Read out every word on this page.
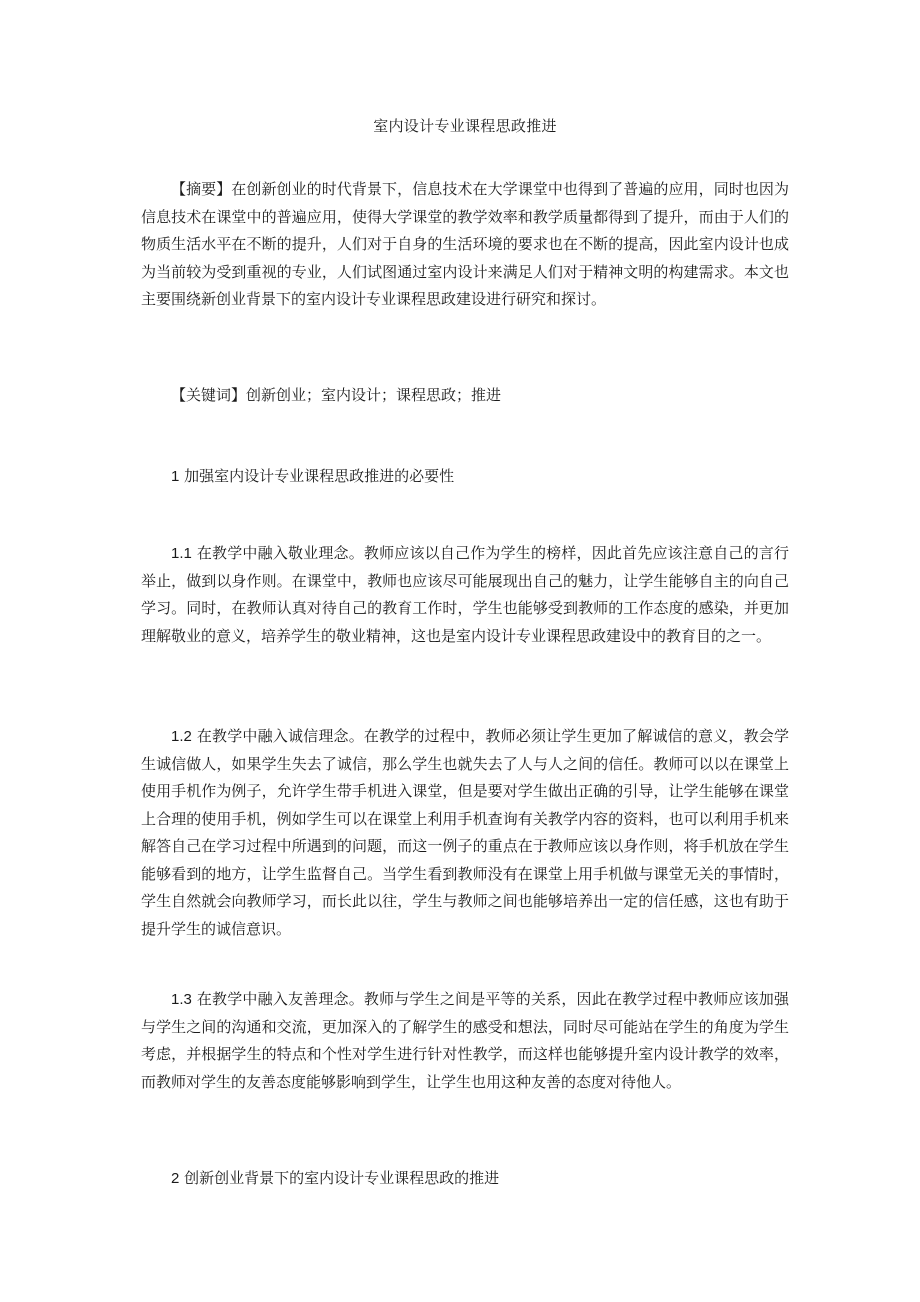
室内设计专业课程思政推进

【摘要】在创新创业的时代背景下，信息技术在大学课堂中也得到了普遍的应用，同时也因为信息技术在课堂中的普遍应用，使得大学课堂的教学效率和教学质量都得到了提升，而由于人们的物质生活水平在不断的提升，人们对于自身的生活环境的要求也在不断的提高，因此室内设计也成为当前较为受到重视的专业，人们试图通过室内设计来满足人们对于精神文明的构建需求。本文也主要围绕新创业背景下的室内设计专业课程思政建设进行研究和探讨。

【关键词】创新创业；室内设计；课程思政；推进

1 加强室内设计专业课程思政推进的必要性

1.1 在教学中融入敬业理念。教师应该以自己作为学生的榜样，因此首先应该注意自己的言行举止，做到以身作则。在课堂中，教师也应该尽可能展现出自己的魅力，让学生能够自主的向自己学习。同时，在教师认真对待自己的教育工作时，学生也能够受到教师的工作态度的感染，并更加理解敬业的意义，培养学生的敬业精神，这也是室内设计专业课程思政建设中的教育目的之一。

1.2 在教学中融入诚信理念。在教学的过程中，教师必须让学生更加了解诚信的意义，教会学生诚信做人，如果学生失去了诚信，那么学生也就失去了人与人之间的信任。教师可以以在课堂上使用手机作为例子，允许学生带手机进入课堂，但是要对学生做出正确的引导，让学生能够在课堂上合理的使用手机，例如学生可以在课堂上利用手机查询有关教学内容的资料，也可以利用手机来解答自己在学习过程中所遇到的问题，而这一例子的重点在于教师应该以身作则，将手机放在学生能够看到的地方，让学生监督自己。当学生看到教师没有在课堂上用手机做与课堂无关的事情时，学生自然就会向教师学习，而长此以往，学生与教师之间也能够培养出一定的信任感，这也有助于提升学生的诚信意识。

1.3 在教学中融入友善理念。教师与学生之间是平等的关系，因此在教学过程中教师应该加强与学生之间的沟通和交流，更加深入的了解学生的感受和想法，同时尽可能站在学生的角度为学生考虑，并根据学生的特点和个性对学生进行针对性教学，而这样也能够提升室内设计教学的效率，而教师对学生的友善态度能够影响到学生，让学生也用这种友善的态度对待他人。

2 创新创业背景下的室内设计专业课程思政的推进
